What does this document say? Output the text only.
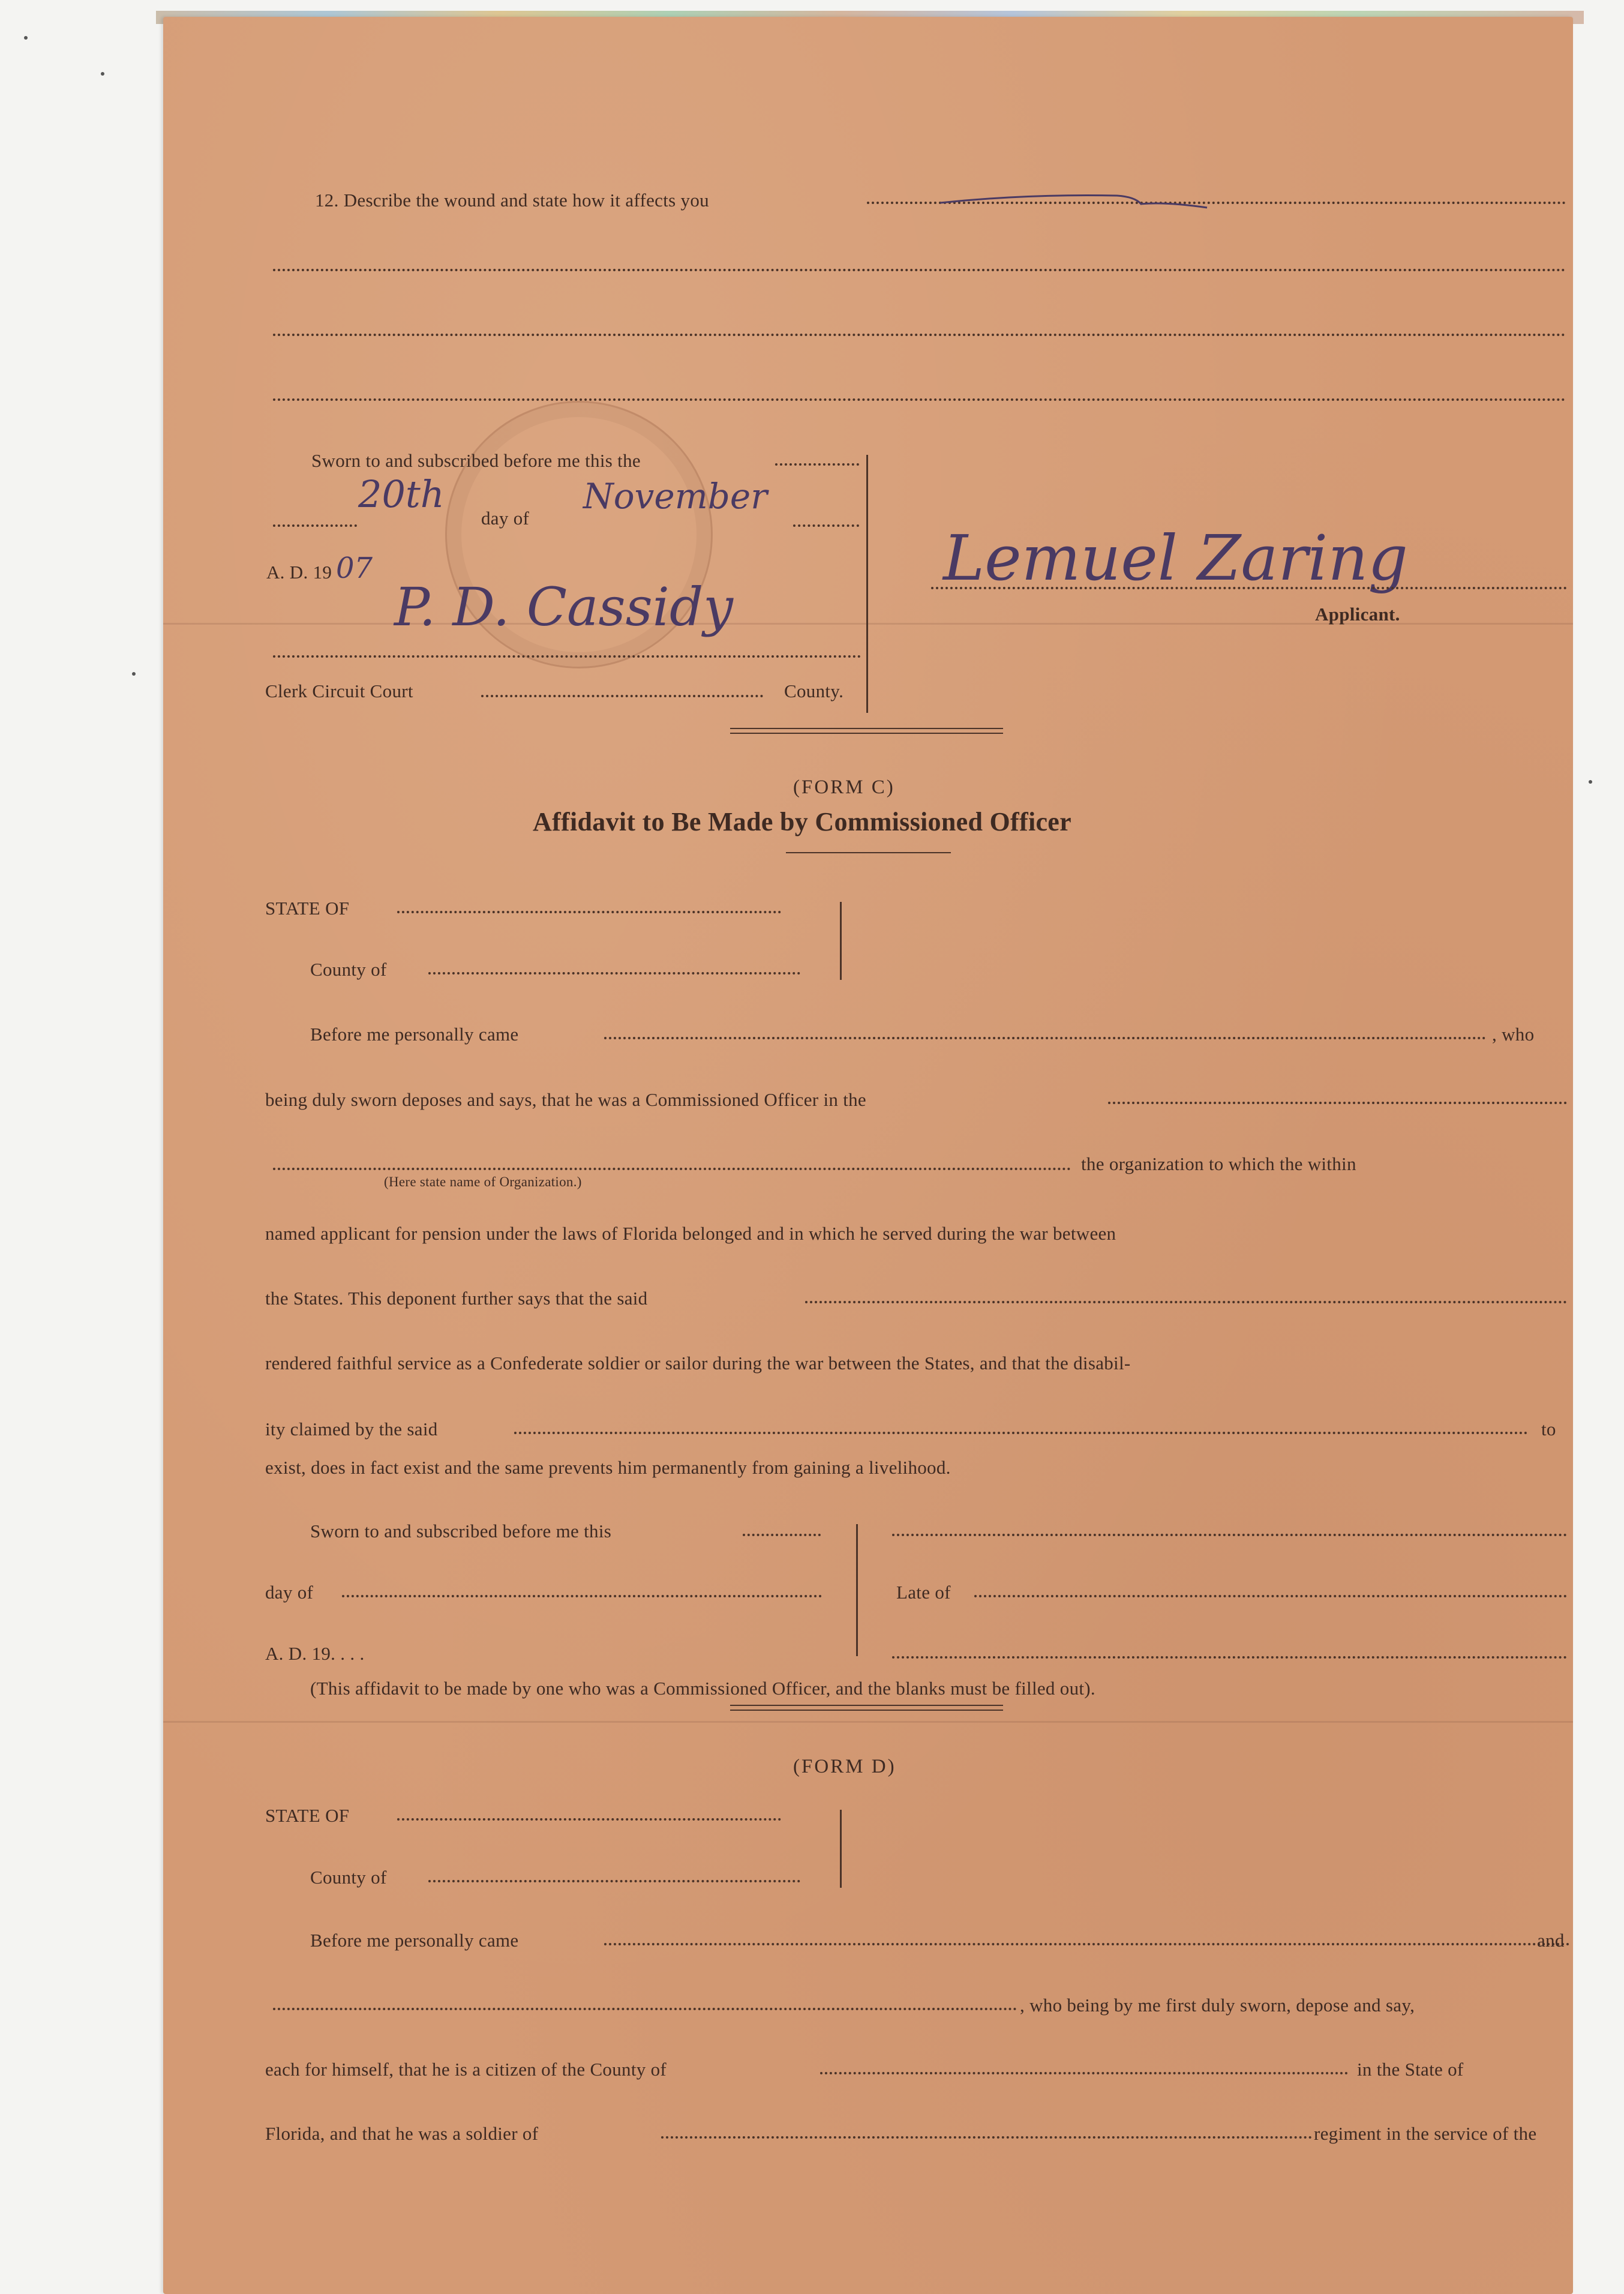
12. Describe the wound and state how it affects you
Sworn to and subscribed before me this the
20th
day of
November
A. D. 19 07
P. D. Cassidy
Clerk Circuit Court	County.
Lemuel Zaring
Applicant.
(FORM C)
Affidavit to Be Made by Commissioned Officer
STATE OF
County of
Before me personally came	, who
being duly sworn deposes and says, that he was a Commissioned Officer in the
the organization to which the within
(Here state name of Organization.)
named applicant for pension under the laws of Florida belonged and in which he served during the war between
the States. This deponent further says that the said
rendered faithful service as a Confederate soldier or sailor during the war between the States, and that the disabil-
ity claimed by the said	to
exist, does in fact exist and the same prevents him permanently from gaining a livelihood.
Sworn to and subscribed before me this
day of
A. D. 19. . . .
Late of
(This affidavit to be made by one who was a Commissioned Officer, and the blanks must be filled out).
(FORM D)
STATE OF
County of
Before me personally came	and
, who being by me first duly sworn, depose and say,
each for himself, that he is a citizen of the County of	in the State of
Florida, and that he was a soldier of	regiment in the service of the
